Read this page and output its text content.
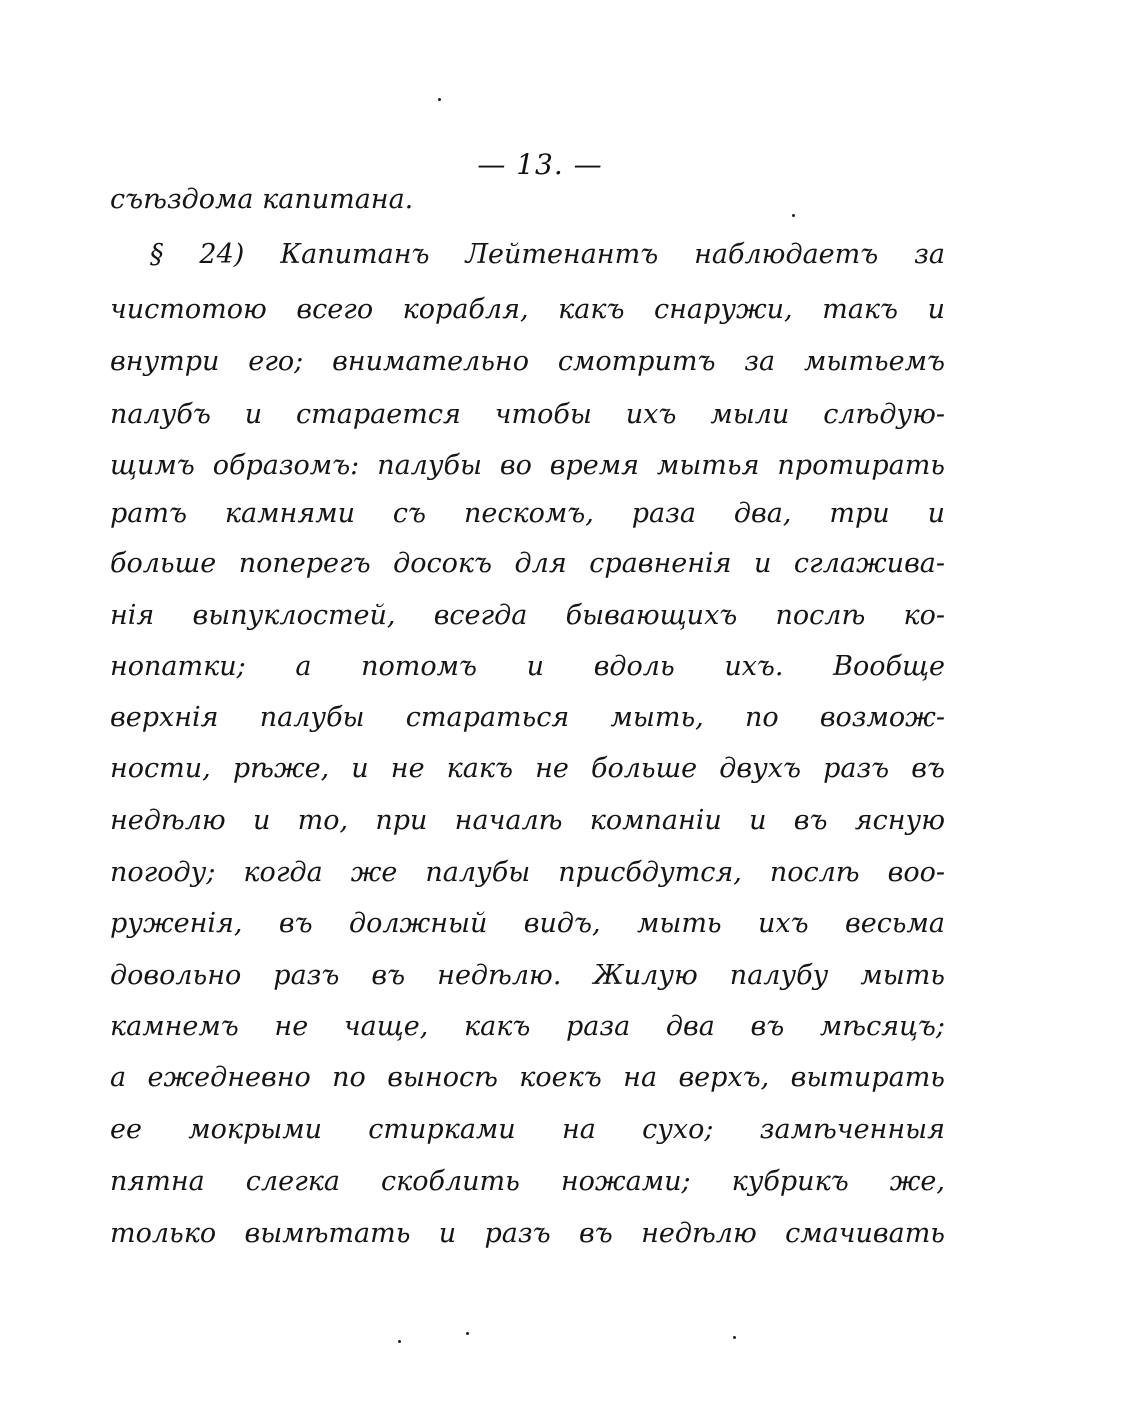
— 13. —
съѣздома капитана.
§ 24) Капитанъ Лейтенантъ наблюдаетъ за
чистотою всего корабля, какъ снаружи, такъ и
внутри его; внимательно смотритъ за мытьемъ
палубъ и старается чтобы ихъ мыли слѣдую-
щимъ образомъ: палубы во время мытья протирать
ратъ камнями съ пескомъ, раза два, три и
больше поперегъ досокъ для сравненія и сглажива-
нія выпуклостей, всегда бывающихъ послѣ ко-
нопатки; а потомъ и вдоль ихъ. Вообще
верхнія палубы стараться мыть, по возмож-
ности, рѣже, и не какъ не больше двухъ разъ въ
недѣлю и то, при началѣ компаніи и въ ясную
погоду; когда же палубы присбдутся, послѣ воо-
руженія, въ должный видъ, мыть ихъ весьма
довольно разъ въ недѣлю. Жилую палубу мыть
камнемъ не чаще, какъ раза два въ мѣсяцъ;
а ежедневно по выносѣ коекъ на верхъ, вытирать
ее мокрыми стирками на сухо; замѣченныя
пятна слегка скоблить ножами; кубрикъ же,
только вымѣтать и разъ въ недѣлю смачивать
